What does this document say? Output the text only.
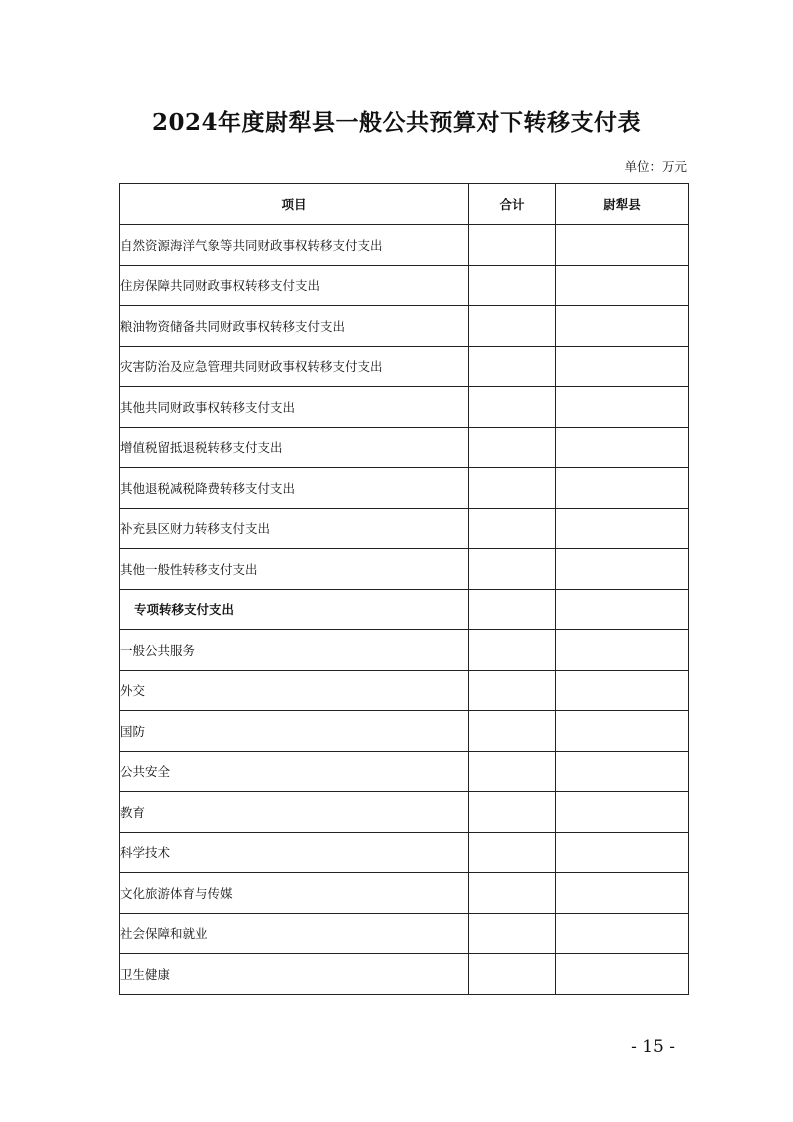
2024年度尉犁县一般公共预算对下转移支付表
单位：万元
项目	合计	尉犁县
自然资源海洋气象等共同财政事权转移支付支出		
住房保障共同财政事权转移支付支出		
粮油物资储备共同财政事权转移支付支出		
灾害防治及应急管理共同财政事权转移支付支出		
其他共同财政事权转移支付支出		
增值税留抵退税转移支付支出		
其他退税减税降费转移支付支出		
补充县区财力转移支付支出		
其他一般性转移支付支出		
专项转移支付支出		
一般公共服务		
外交		
国防		
公共安全		
教育		
科学技术		
文化旅游体育与传媒		
社会保障和就业		
卫生健康		
- 15 -
